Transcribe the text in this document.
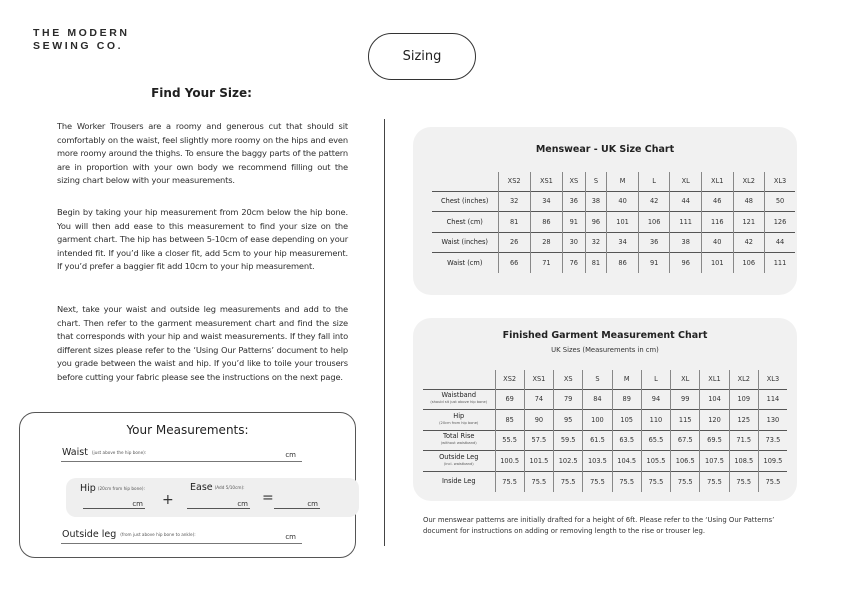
THE MODERN
SEWING CO.
Sizing
Find Your Size:

The Worker Trousers are a roomy and generous cut that should sit comfortably on the waist, feel slightly more roomy on the hips and even more roomy around the thighs. To ensure the baggy parts of the pattern are in proportion with your own body we recommend filling out the sizing chart below with your measurements.

Begin by taking your hip measurement from 20cm below the hip bone. You will then add ease to this measurement to find your size on the garment chart. The hip has between 5-10cm of ease depending on your intended fit. If you’d like a closer fit, add 5cm to your hip measurement. If you’d prefer a baggier fit add 10cm to your hip measurement.

Next, take your waist and outside leg measurements and add to the chart. Then refer to the garment measurement chart and find the size that corresponds with your hip and waist measurements. If they fall into different sizes please refer to the ‘Using Our Patterns’ document to help you grade between the waist and hip. If you’d like to toile your trousers before cutting your fabric please see the instructions on the next page.

Your Measurements:
Waist (just above the hip bone):	cm
Hip (20cm from hip bone):
cm +
Ease (Add 5/10cm):
cm =	cm
Outside leg (from just above hip bone to ankle):	cm
Menswear - UK Size Chart
	XS2	XS1	XS	S	M	L	XL	XL1	XL2	XL3

Chest (inches)	32	34	36	38	40	42	44	46	48	50

Chest (cm)	81	86	91	96	101	106	111	116	121	126

Waist (inches)	26	28	30	32	34	36	38	40	42	44

Waist (cm)	66	71	76	81	86	91	96	101	106	111
Finished Garment Measurement Chart
UK Sizes (Measurements in cm)
	XS2	XS1	XS	S	M	L	XL	XL1	XL2	XL3

Waistband
(should sit just above hip bone)	69	74	79	84	89	94	99	104	109	114

Hip
(20cm from hip bone)	85	90	95	100	105	110	115	120	125	130

Total Rise
(without waistband)	55.5	57.5	59.5	61.5	63.5	65.5	67.5	69.5	71.5	73.5

Outside Leg
(incl. waistband)	100.5	101.5	102.5	103.5	104.5	105.5	106.5	107.5	108.5	109.5

Inside Leg	75.5	75.5	75.5	75.5	75.5	75.5	75.5	75.5	75.5	75.5

Our menswear patterns are initially drafted for a height of 6ft. Please refer to the ‘Using Our Patterns’ document for instructions on adding or removing length to the rise or trouser leg.
